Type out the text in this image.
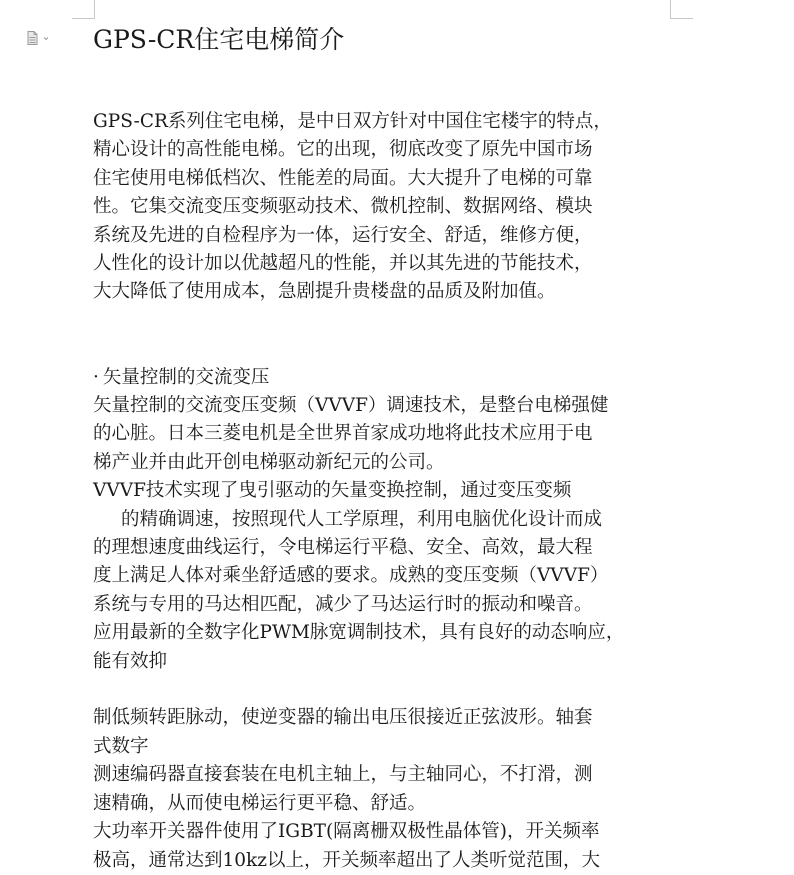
GPS-CR住宅电梯简介

GPS-CR系列住宅电梯，是中日双方针对中国住宅楼宇的特点，
精心设计的高性能电梯。它的出现，彻底改变了原先中国市场
住宅使用电梯低档次、性能差的局面。大大提升了电梯的可靠
性。它集交流变压变频驱动技术、微机控制、数据网络、模块
系统及先进的自检程序为一体，运行安全、舒适，维修方便，
人性化的设计加以优越超凡的性能，并以其先进的节能技术，
大大降低了使用成本，急剧提升贵楼盘的品质及附加值。

· 矢量控制的交流变压

矢量控制的交流变压变频（VVVF）调速技术，是整台电梯强健
的心脏。日本三菱电机是全世界首家成功地将此技术应用于电
梯产业并由此开创电梯驱动新纪元的公司。

VVVF技术实现了曳引驱动的矢量变换控制，通过变压变频
的精确调速，按照现代人工学原理，利用电脑优化设计而成
的理想速度曲线运行，令电梯运行平稳、安全、高效，最大程
度上满足人体对乘坐舒适感的要求。成熟的变压变频（VVVF）
系统与专用的马达相匹配，减少了马达运行时的振动和噪音。
应用最新的全数字化PWM脉宽调制技术，具有良好的动态响应，
能有效抑

制低频转距脉动，使逆变器的输出电压很接近正弦波形。轴套
式数字

测速编码器直接套装在电机主轴上，与主轴同心，不打滑，测
速精确，从而使电梯运行更平稳、舒适。

大功率开关器件使用了IGBT(隔离栅双极性晶体管)，开关频率
极高，通常达到10kz以上，开关频率超出了人类听觉范围，大
